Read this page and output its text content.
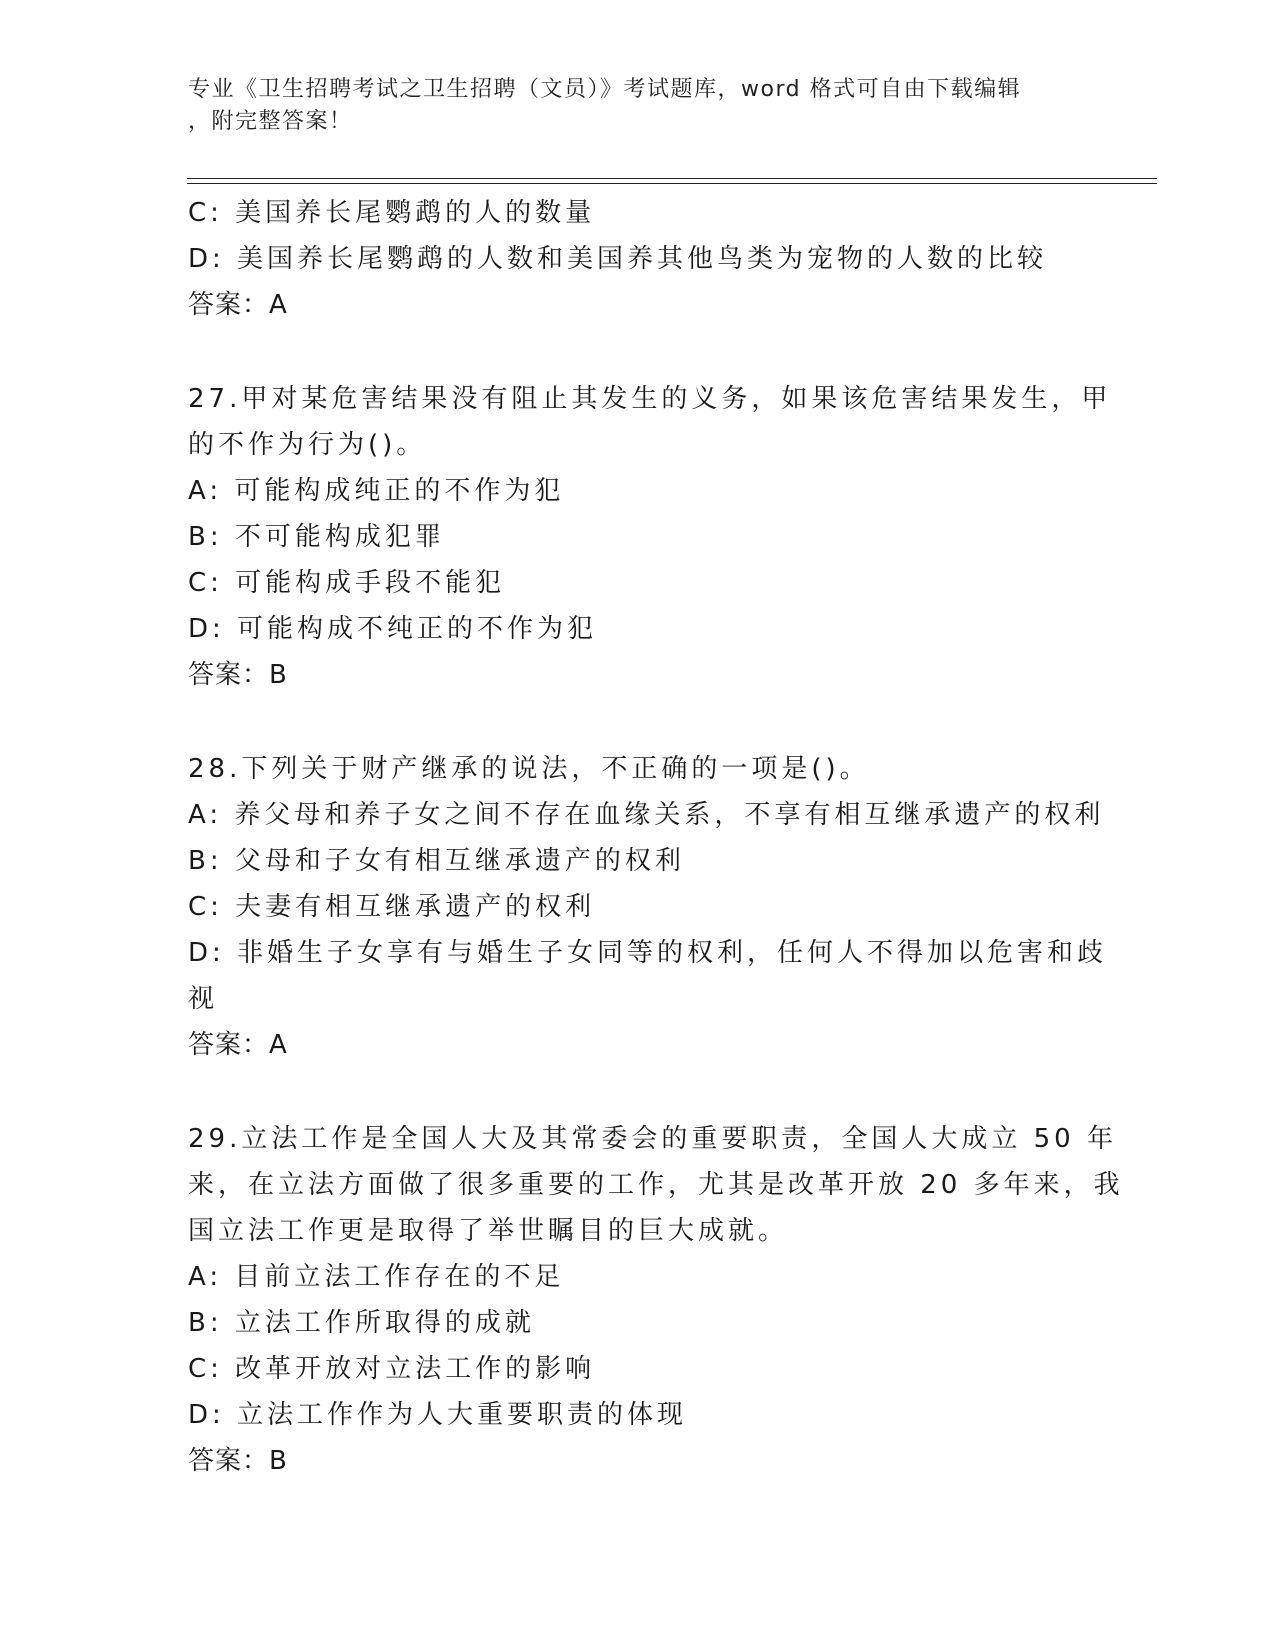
专业《卫生招聘考试之卫生招聘（文员）》考试题库，word 格式可自由下载编辑
，附完整答案！
C: 美国养长尾鹦鹉的人的数量
D: 美国养长尾鹦鹉的人数和美国养其他鸟类为宠物的人数的比较
答案：A
27.甲对某危害结果没有阻止其发生的义务，如果该危害结果发生，甲
的不作为行为()。
A: 可能构成纯正的不作为犯
B: 不可能构成犯罪
C: 可能构成手段不能犯
D: 可能构成不纯正的不作为犯
答案：B
28.下列关于财产继承的说法，不正确的一项是()。
A: 养父母和养子女之间不存在血缘关系，不享有相互继承遗产的权利
B: 父母和子女有相互继承遗产的权利
C: 夫妻有相互继承遗产的权利
D: 非婚生子女享有与婚生子女同等的权利，任何人不得加以危害和歧
视
答案：A
29.立法工作是全国人大及其常委会的重要职责，全国人大成立 50 年
来，在立法方面做了很多重要的工作，尤其是改革开放 20 多年来，我
国立法工作更是取得了举世瞩目的巨大成就。
A: 目前立法工作存在的不足
B: 立法工作所取得的成就
C: 改革开放对立法工作的影响
D: 立法工作作为人大重要职责的体现
答案：B
